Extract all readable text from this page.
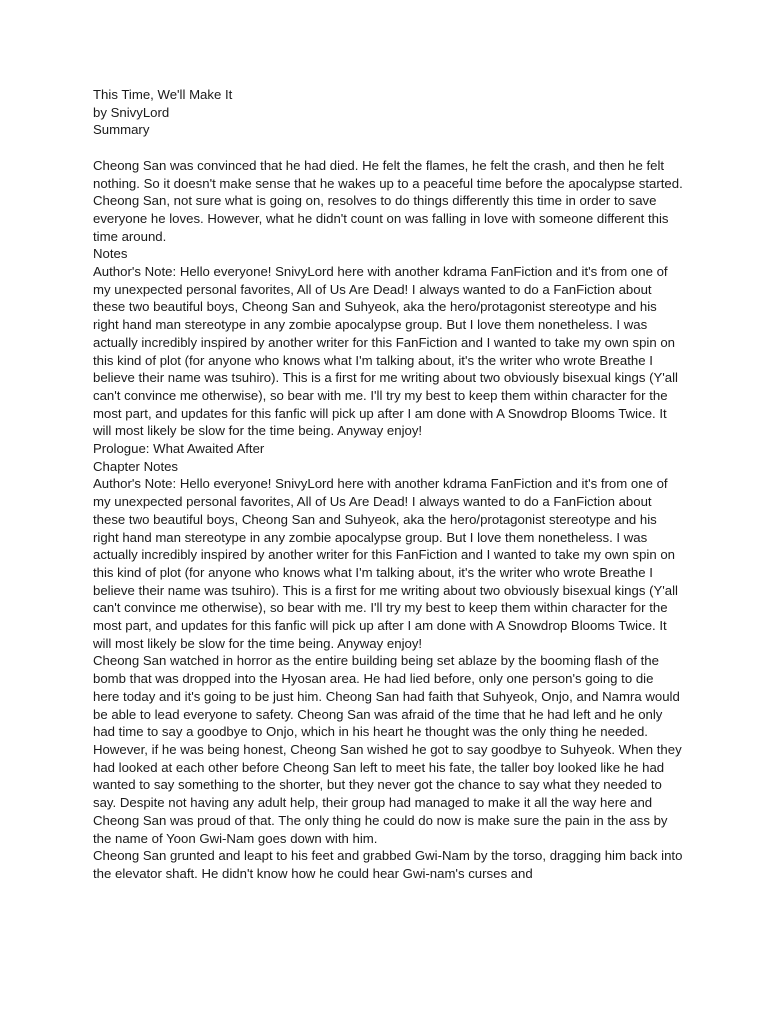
This Time, We'll Make It

by SnivyLord

Summary

Cheong San was convinced that he had died. He felt the flames, he felt the crash, and then he felt nothing. So it doesn't make sense that he wakes up to a peaceful time before the apocalypse started. Cheong San, not sure what is going on, resolves to do things differently this time in order to save everyone he loves. However, what he didn't count on was falling in love with someone different this time around.

Notes

Author's Note: Hello everyone! SnivyLord here with another kdrama FanFiction and it's from one of my unexpected personal favorites, All of Us Are Dead! I always wanted to do a FanFiction about these two beautiful boys, Cheong San and Suhyeok, aka the hero/protagonist stereotype and his right hand man stereotype in any zombie apocalypse group. But I love them nonetheless. I was actually incredibly inspired by another writer for this FanFiction and I wanted to take my own spin on this kind of plot (for anyone who knows what I'm talking about, it's the writer who wrote Breathe I believe their name was tsuhiro). This is a first for me writing about two obviously bisexual kings (Y'all can't convince me otherwise), so bear with me. I'll try my best to keep them within character for the most part, and updates for this fanfic will pick up after I am done with A Snowdrop Blooms Twice. It will most likely be slow for the time being. Anyway enjoy!

Prologue: What Awaited After

Chapter Notes

Author's Note: Hello everyone! SnivyLord here with another kdrama FanFiction and it's from one of my unexpected personal favorites, All of Us Are Dead! I always wanted to do a FanFiction about these two beautiful boys, Cheong San and Suhyeok, aka the hero/protagonist stereotype and his right hand man stereotype in any zombie apocalypse group. But I love them nonetheless. I was actually incredibly inspired by another writer for this FanFiction and I wanted to take my own spin on this kind of plot (for anyone who knows what I'm talking about, it's the writer who wrote Breathe I believe their name was tsuhiro). This is a first for me writing about two obviously bisexual kings (Y'all can't convince me otherwise), so bear with me. I'll try my best to keep them within character for the most part, and updates for this fanfic will pick up after I am done with A Snowdrop Blooms Twice. It will most likely be slow for the time being. Anyway enjoy!

Cheong San watched in horror as the entire building being set ablaze by the booming flash of the bomb that was dropped into the Hyosan area. He had lied before, only one person's going to die here today and it's going to be just him. Cheong San had faith that Suhyeok, Onjo, and Namra would be able to lead everyone to safety. Cheong San was afraid of the time that he had left and he only had time to say a goodbye to Onjo, which in his heart he thought was the only thing he needed. However, if he was being honest, Cheong San wished he got to say goodbye to Suhyeok. When they had looked at each other before Cheong San left to meet his fate, the taller boy looked like he had wanted to say something to the shorter, but they never got the chance to say what they needed to say. Despite not having any adult help, their group had managed to make it all the way here and Cheong San was proud of that. The only thing he could do now is make sure the pain in the ass by the name of Yoon Gwi-Nam goes down with him.

Cheong San grunted and leapt to his feet and grabbed Gwi-Nam by the torso, dragging him back into the elevator shaft. He didn't know how he could hear Gwi-nam's curses and
